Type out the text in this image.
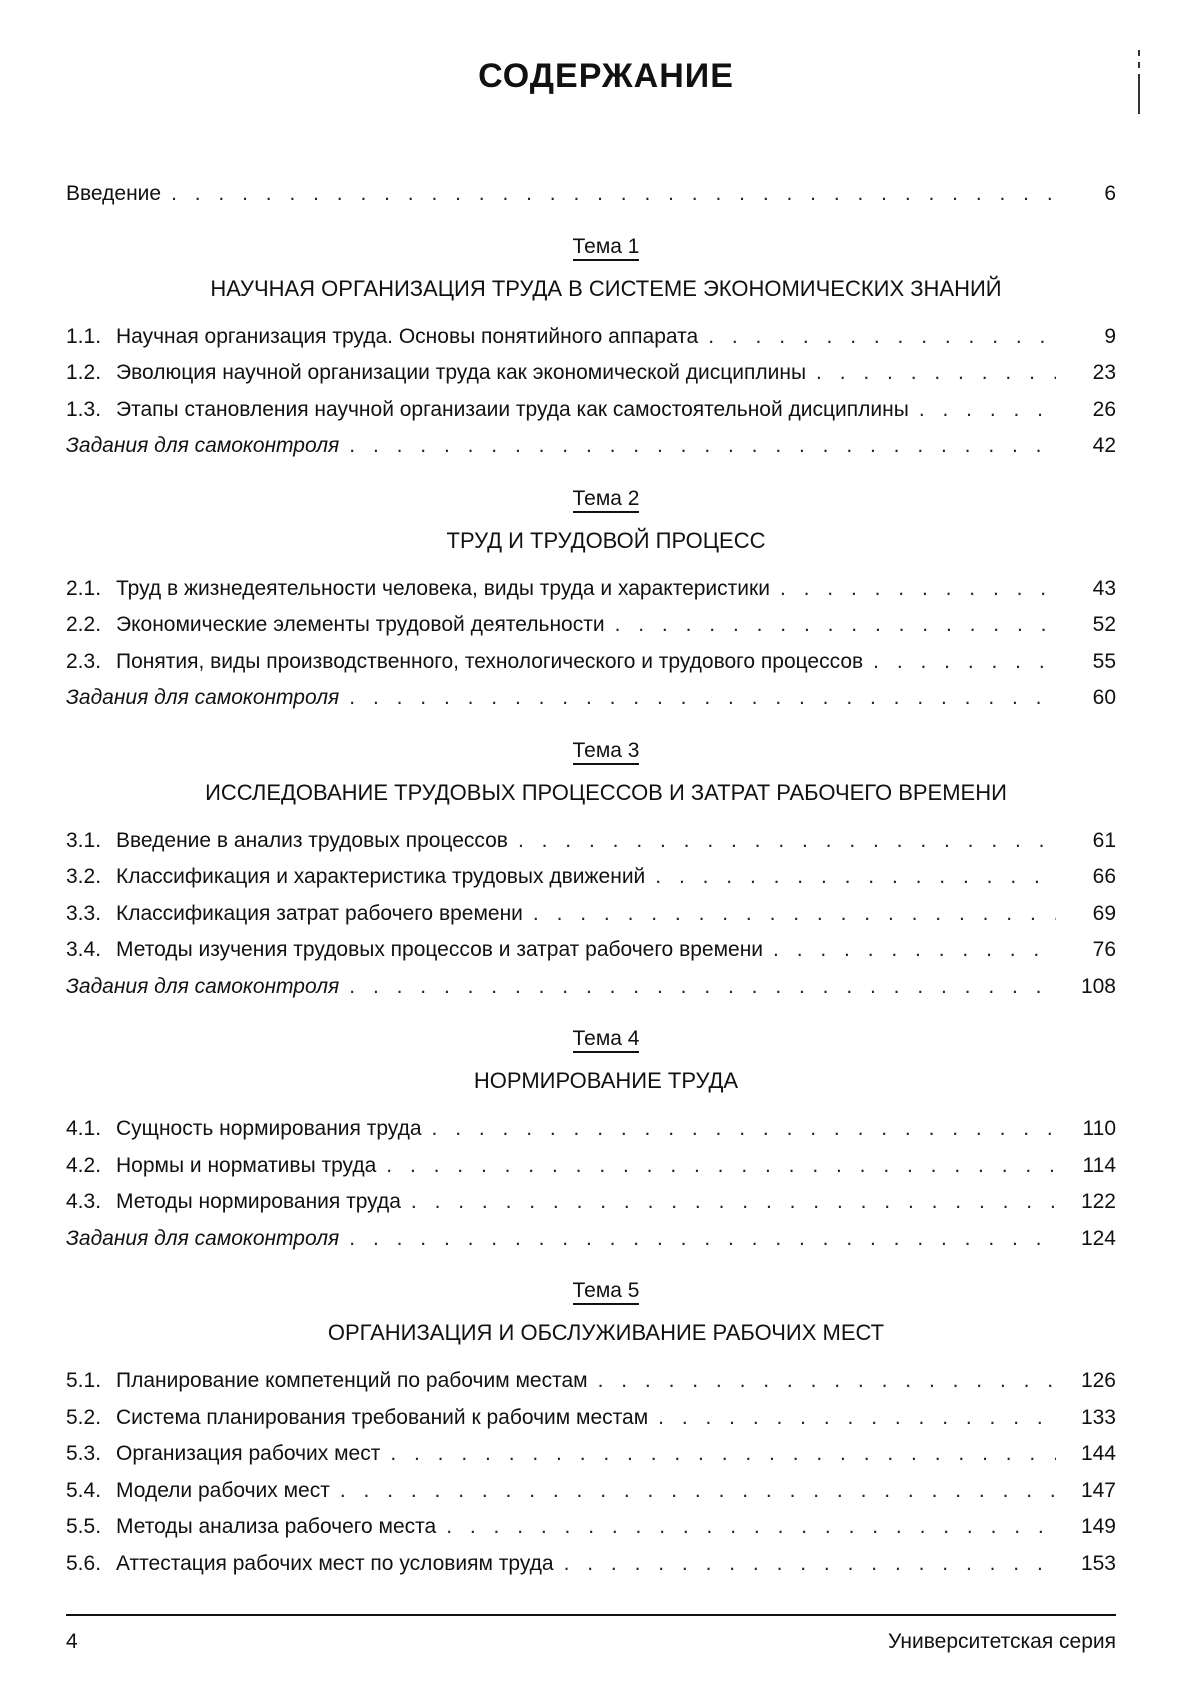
СОДЕРЖАНИЕ
Введение . . .	6
Тема 1
НАУЧНАЯ ОРГАНИЗАЦИЯ ТРУДА В СИСТЕМЕ ЭКОНОМИЧЕСКИХ ЗНАНИЙ
1.1. Научная организация труда. Основы понятийного аппарата . . .	9
1.2. Эволюция научной организации труда как экономической дисциплины . . .	23
1.3. Этапы становления научной организаии труда как самостоятельной дисциплины . . .	26
Задания для самоконтроля . . .	42
Тема 2
ТРУД И ТРУДОВОЙ ПРОЦЕСС
2.1. Труд в жизнедеятельности человека, виды труда и характеристики . . .	43
2.2. Экономические элементы трудовой деятельности . . .	52
2.3. Понятия, виды производственного, технологического и трудового процессов . . .	55
Задания для самоконтроля . . .	60
Тема 3
ИССЛЕДОВАНИЕ ТРУДОВЫХ ПРОЦЕССОВ И ЗАТРАТ РАБОЧЕГО ВРЕМЕНИ
3.1. Введение в анализ трудовых процессов . . .	61
3.2. Классификация и характеристика трудовых движений . . .	66
3.3. Классификация затрат рабочего времени . . .	69
3.4. Методы изучения трудовых процессов и затрат рабочего времени . . .	76
Задания для самоконтроля . . .	108
Тема 4
НОРМИРОВАНИЕ ТРУДА
4.1. Сущность нормирования труда . . .	110
4.2. Нормы и нормативы труда . . .	114
4.3. Методы нормирования труда . . .	122
Задания для самоконтроля . . .	124
Тема 5
ОРГАНИЗАЦИЯ И ОБСЛУЖИВАНИЕ РАБОЧИХ МЕСТ
5.1. Планирование компетенций по рабочим местам . . .	126
5.2. Система планирования требований к рабочим местам . . .	133
5.3. Организация рабочих мест . . .	144
5.4. Модели рабочих мест . . .	147
5.5. Методы анализа рабочего места . . .	149
5.6. Аттестация рабочих мест по условиям труда . . .	153
4	Университетская серия
